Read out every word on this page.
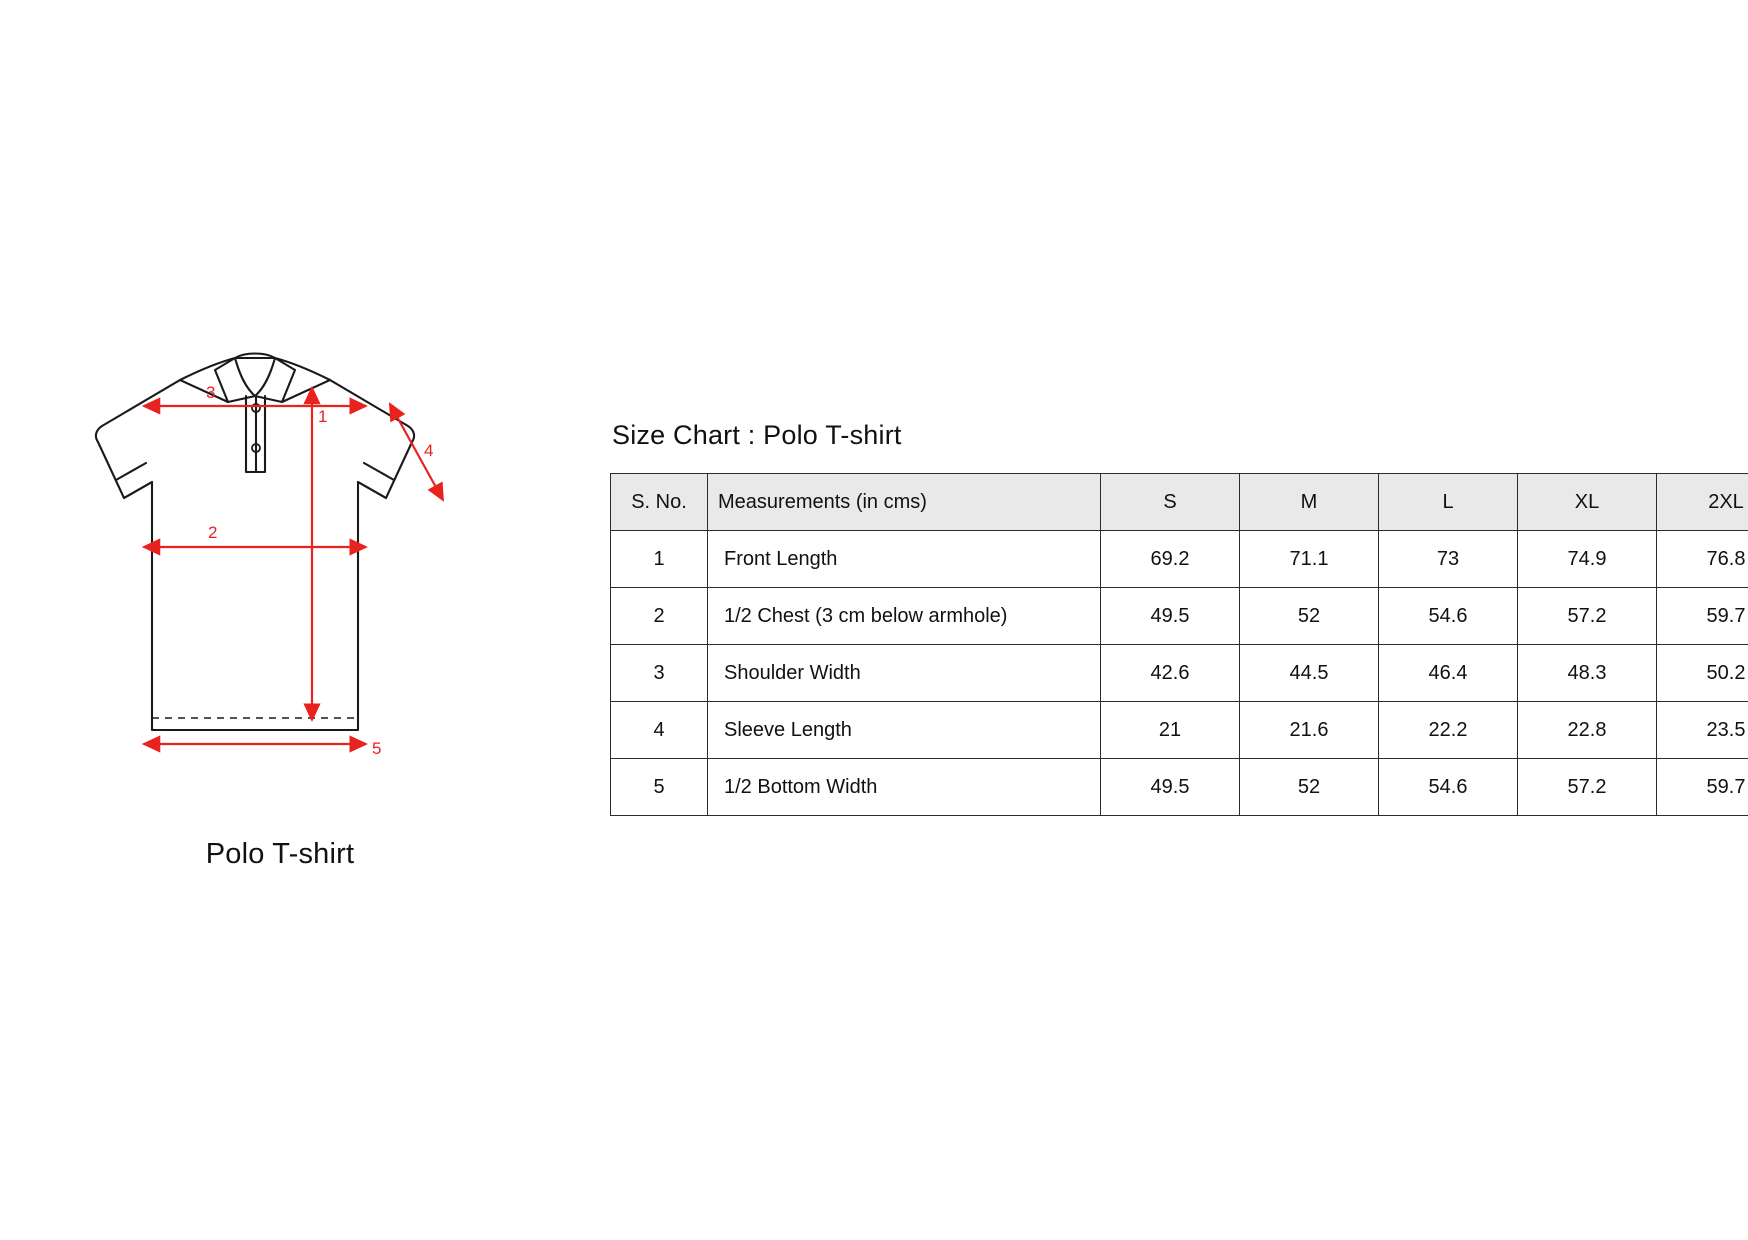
3
2
1
4
5
Polo T-shirt
Size Chart : Polo T-shirt
S. No.	Measurements (in cms)	S	M	L	XL	2XL
1	Front Length	69.2	71.1	73	74.9	76.8
2	1/2 Chest (3 cm below armhole)	49.5	52	54.6	57.2	59.7
3	Shoulder Width	42.6	44.5	46.4	48.3	50.2
4	Sleeve Length	21	21.6	22.2	22.8	23.5
5	1/2 Bottom Width	49.5	52	54.6	57.2	59.7
